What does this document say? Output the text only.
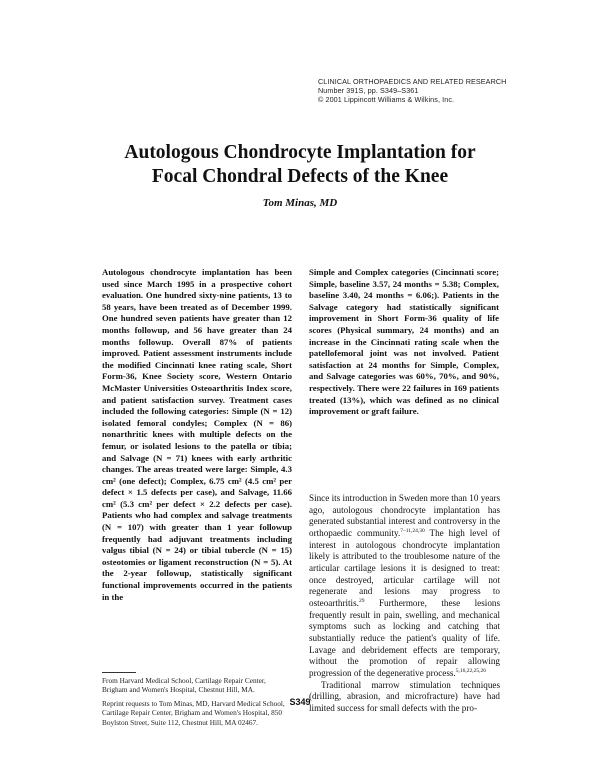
CLINICAL ORTHOPAEDICS AND RELATED RESEARCH
Number 391S, pp. S349–S361
© 2001 Lippincott Williams & Wilkins, Inc.
Autologous Chondrocyte Implantation for
Focal Chondral Defects of the Knee
Tom Minas, MD
Autologous chondrocyte implantation has been used since March 1995 in a prospective cohort evaluation. One hundred sixty-nine patients, 13 to 58 years, have been treated as of December 1999. One hundred seven patients have greater than 12 months followup, and 56 have greater than 24 months followup. Overall 87% of patients improved. Patient assessment instruments include the modified Cincinnati knee rating scale, Short Form-36, Knee Society score, Western Ontario McMaster Universities Osteoarthritis Index score, and patient satisfaction survey. Treatment cases included the following categories: Simple (N = 12) isolated femoral condyles; Complex (N = 86) nonarthritic knees with multiple defects on the femur, or isolated lesions to the patella or tibia; and Salvage (N = 71) knees with early arthritic changes. The areas treated were large: Simple, 4.3 cm² (one defect); Complex, 6.75 cm² (4.5 cm² per defect × 1.5 defects per case), and Salvage, 11.66 cm² (5.3 cm² per defect × 2.2 defects per case). Patients who had complex and salvage treatments (N = 107) with greater than 1 year followup frequently had adjuvant treatments including valgus tibial (N = 24) or tibial tubercle (N = 15) osteotomies or ligament reconstruction (N = 5). At the 2-year followup, statistically significant functional improvements occurred in the patients in the
Simple and Complex categories (Cincinnati score; Simple, baseline 3.57, 24 months = 5.38; Complex, baseline 3.40, 24 months = 6.06;). Patients in the Salvage category had statistically significant improvement in Short Form-36 quality of life scores (Physical summary, 24 months) and an increase in the Cincinnati rating scale when the patellofemoral joint was not involved. Patient satisfaction at 24 months for Simple, Complex, and Salvage categories was 60%, 70%, and 90%, respectively. There were 22 failures in 169 patients treated (13%), which was defined as no clinical improvement or graft failure.

Since its introduction in Sweden more than 10 years ago, autologous chondrocyte implantation has generated substantial interest and controversy in the orthopaedic community.$^{7-11,24,30}$ The high level of interest in autologous chondrocyte implantation likely is attributed to the troublesome nature of the articular cartilage lesions it is designed to treat: once destroyed, articular cartilage will not regenerate and lesions may progress to osteoarthritis.$^{29}$ Furthermore, these lesions frequently result in pain, swelling, and mechanical symptoms such as locking and catching that substantially reduce the patient's quality of life. Lavage and debridement effects are temporary, without the promotion of repair allowing progression of the degenerative process.$^{5,16,22,25,26}$

Traditional marrow stimulation techniques (drilling, abrasion, and microfracture) have had limited success for small defects with the pro-

From Harvard Medical School, Cartilage Repair Center, Brigham and Women's Hospital, Chestnut Hill, MA.

Reprint requests to Tom Minas, MD, Harvard Medical School, Cartilage Repair Center, Brigham and Women's Hospital, 850 Boylston Street, Suite 112, Chestnut Hill, MA 02467.

S349
